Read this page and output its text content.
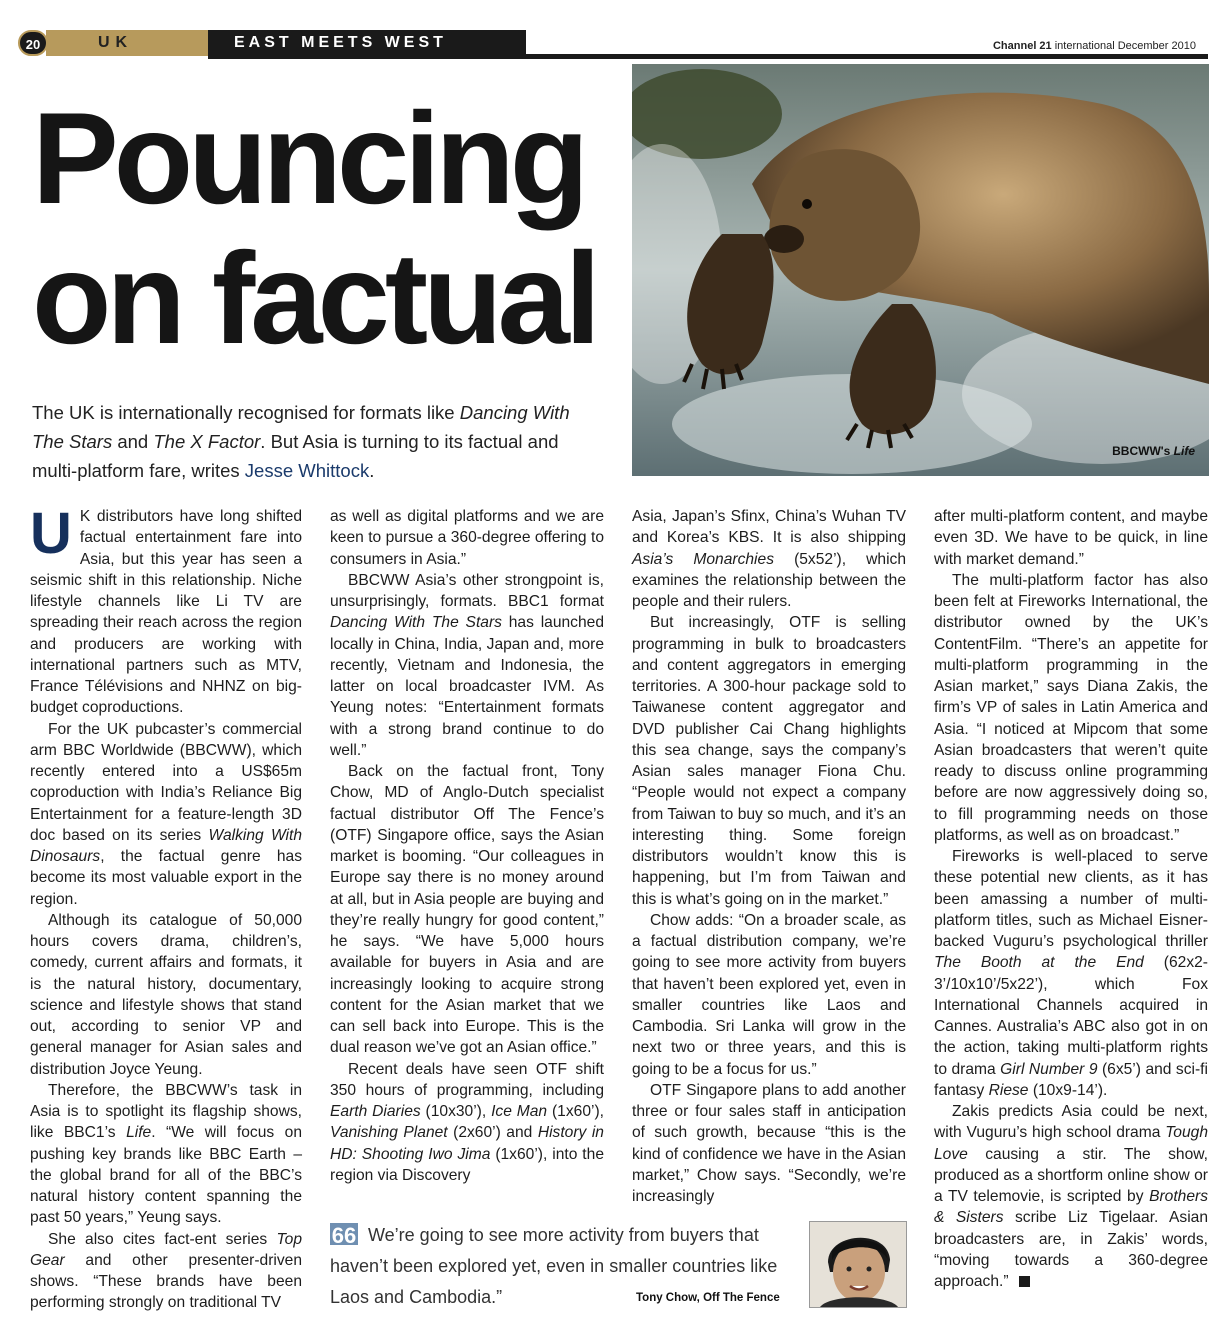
20	UK	EAST MEETS WEST	Channel 21 international December 2010
Pouncing
on factual

The UK is internationally recognised for formats like Dancing With The Stars and The X Factor. But Asia is turning to its factual and multi-platform fare, writes Jesse Whittock.

BBCWW's Life

U K distributors have long shifted factual entertainment fare into Asia, but this year has seen a seismic shift in this relationship. Niche lifestyle channels like Li TV are spreading their reach across the region and producers are working with international partners such as MTV, France Télévisions and NHNZ on big-budget coproductions.

For the UK pubcaster’s commercial arm BBC Worldwide (BBCWW), which recently entered into a US$65m coproduction with India’s Reliance Big Entertainment for a feature-length 3D doc based on its series Walking With Dinosaurs, the factual genre has become its most valuable export in the region.

Although its catalogue of 50,000 hours covers drama, children’s, comedy, current affairs and formats, it is the natural history, documentary, science and lifestyle shows that stand out, according to senior VP and general manager for Asian sales and distribution Joyce Yeung.

Therefore, the BBCWW’s task in Asia is to spotlight its flagship shows, like BBC1’s Life. “We will focus on pushing key brands like BBC Earth – the global brand for all of the BBC’s natural history content spanning the past 50 years,” Yeung says.

She also cites fact-ent series Top Gear and other presenter-driven shows. “These brands have been performing strongly on traditional TV

as well as digital platforms and we are keen to pursue a 360-degree offering to consumers in Asia.”

BBCWW Asia’s other strongpoint is, unsurprisingly, formats. BBC1 format Dancing With The Stars has launched locally in China, India, Japan and, more recently, Vietnam and Indonesia, the latter on local broadcaster IVM. As Yeung notes: “Entertainment formats with a strong brand continue to do well.”

Back on the factual front, Tony Chow, MD of Anglo-Dutch specialist factual distributor Off The Fence’s (OTF) Singapore office, says the Asian market is booming. “Our colleagues in Europe say there is no money around at all, but in Asia people are buying and they’re really hungry for good content,” he says. “We have 5,000 hours available for buyers in Asia and are increasingly looking to acquire strong content for the Asian market that we can sell back into Europe. This is the dual reason we’ve got an Asian office.”

Recent deals have seen OTF shift 350 hours of programming, including Earth Diaries (10x30’), Ice Man (1x60’), Vanishing Planet (2x60’) and History in HD: Shooting Iwo Jima (1x60’), into the region via Discovery

Asia, Japan’s Sfinx, China’s Wuhan TV and Korea’s KBS. It is also shipping Asia’s Monarchies (5x52’), which examines the relationship between the people and their rulers.

But increasingly, OTF is selling programming in bulk to broadcasters and content aggregators in emerging territories. A 300-hour package sold to Taiwanese content aggregator and DVD publisher Cai Chang highlights this sea change, says the company’s Asian sales manager Fiona Chu. “People would not expect a company from Taiwan to buy so much, and it’s an interesting thing. Some foreign distributors wouldn’t know this is happening, but I’m from Taiwan and this is what’s going on in the market.”

Chow adds: “On a broader scale, as a factual distribution company, we’re going to see more activity from buyers that haven’t been explored yet, even in smaller countries like Laos and Cambodia. Sri Lanka will grow in the next two or three years, and this is going to be a focus for us.”

OTF Singapore plans to add another three or four sales staff in anticipation of such growth, because “this is the kind of confidence we have in the Asian market,” Chow says. “Secondly, we’re increasingly

after multi-platform content, and maybe even 3D. We have to be quick, in line with market demand.”

The multi-platform factor has also been felt at Fireworks International, the distributor owned by the UK’s ContentFilm. “There’s an appetite for multi-platform programming in the Asian market,” says Diana Zakis, the firm’s VP of sales in Latin America and Asia. “I noticed at Mipcom that some Asian broadcasters that weren’t quite ready to discuss online programming before are now aggressively doing so, to fill programming needs on those platforms, as well as on broadcast.”

Fireworks is well-placed to serve these potential new clients, as it has been amassing a number of multi-platform titles, such as Michael Eisner-backed Vuguru’s psychological thriller The Booth at the End (62x2-3’/10x10’/5x22’), which Fox International Channels acquired in Cannes. Australia’s ABC also got in on the action, taking multi-platform rights to drama Girl Number 9 (6x5’) and sci-fi fantasy Riese (10x9-14’).

Zakis predicts Asia could be next, with Vuguru’s high school drama Tough Love causing a stir. The show, produced as a shortform online show or a TV telemovie, is scripted by Brothers & Sisters scribe Liz Tigelaar. Asian broadcasters are, in Zakis’ words, “moving towards a 360-degree approach.”

66 We’re going to see more activity from buyers that haven’t been explored yet, even in smaller countries like Laos and Cambodia.”	Tony Chow, Off The Fence
